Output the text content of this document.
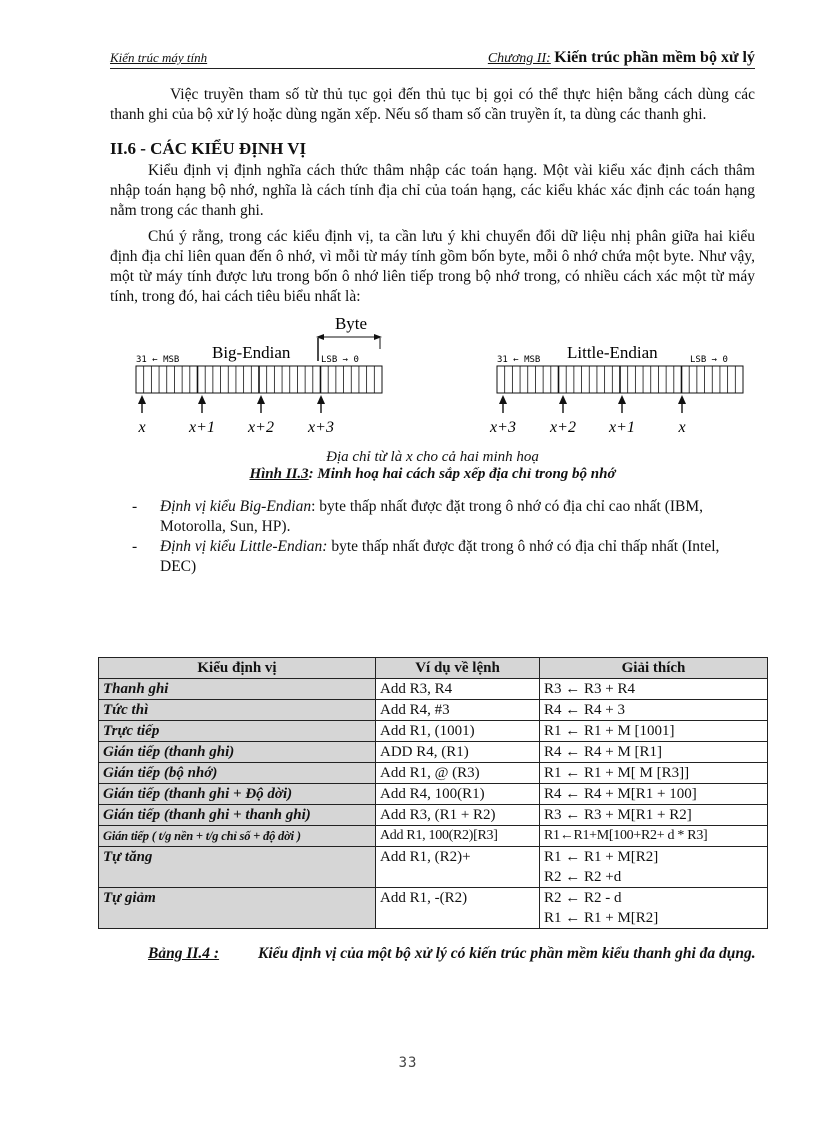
Kiến trúc máy tính	Chương II: Kiến trúc phần mềm bộ xử lý

Việc truyền tham số từ thủ tục gọi đến thủ tục bị gọi có thể thực hiện bằng cách dùng các thanh ghi của bộ xử lý hoặc dùng ngăn xếp. Nếu số tham số cần truyền ít, ta dùng các thanh ghi.

II.6 - CÁC KIỂU ĐỊNH VỊ

Kiểu định vị định nghĩa cách thức thâm nhập các toán hạng. Một vài kiểu xác định cách thâm nhập toán hạng bộ nhớ, nghĩa là cách tính địa chỉ của toán hạng, các kiểu khác xác định các toán hạng nằm trong các thanh ghi.

Chú ý rằng, trong các kiểu định vị, ta cần lưu ý khi chuyển đổi dữ liệu nhị phân giữa hai kiểu định địa chỉ liên quan đến ô nhớ, vì mỗi từ máy tính gồm bốn byte, mỗi ô nhớ chứa một byte. Như vậy, một từ máy tính được lưu trong bốn ô nhớ liên tiếp trong bộ nhớ trong, có nhiều cách xác một từ máy tính, trong đó, hai cách tiêu biểu nhất là:

Byte
31 ← MSB Big-Endian	LSB → 0	31 ← MSB Little-Endian	LSB → 0
x	x+1 x+2 x+3	x+3 x+2 x+1	x
Địa chỉ từ là x cho cả hai minh hoạ
Hình II.3: Minh hoạ hai cách sắp xếp địa chỉ trong bộ nhớ
- Định vị kiểu Big-Endian: byte thấp nhất được đặt trong ô nhớ có địa chỉ cao nhất (IBM, Motorolla, Sun, HP).
- Định vị kiểu Little-Endian: byte thấp nhất được đặt trong ô nhớ có địa chỉ thấp nhất (Intel, DEC)
Kiểu định vị	Ví dụ về lệnh	Giải thích
Thanh ghi	Add R3, R4	R3 ← R3 + R4
Tức thì	Add R4, #3	R4 ← R4 + 3
Trực tiếp	Add R1, (1001)	R1 ← R1 + M [1001]
Gián tiếp (thanh ghi)	ADD R4, (R1)	R4 ← R4 + M [R1]
Gián tiếp (bộ nhớ)	Add R1, @ (R3)	R1 ← R1 + M[ M [R3]]
Gián tiếp (thanh ghi + Độ dời)	Add R4, 100(R1)	R4 ← R4 + M[R1 + 100]
Gián tiếp (thanh ghi + thanh ghi)	Add R3, (R1 + R2)	R3 ← R3 + M[R1 + R2]
Gián tiếp ( t/g nền + t/g chỉ số + độ dời )	Add R1, 100(R2)[R3]	R1←R1+M[100+R2+ d * R3]
Tự tăng	Add R1, (R2)+	R1 ← R1 + M[R2]
R2 ← R2 +d

Tự giảm	Add R1, -(R2)	R2 ← R2 - d
R1 ← R1 + M[R2]
Bảng II.4 :	Kiểu định vị của một bộ xử lý có kiến trúc phần mềm kiểu thanh ghi đa dụng.
33
